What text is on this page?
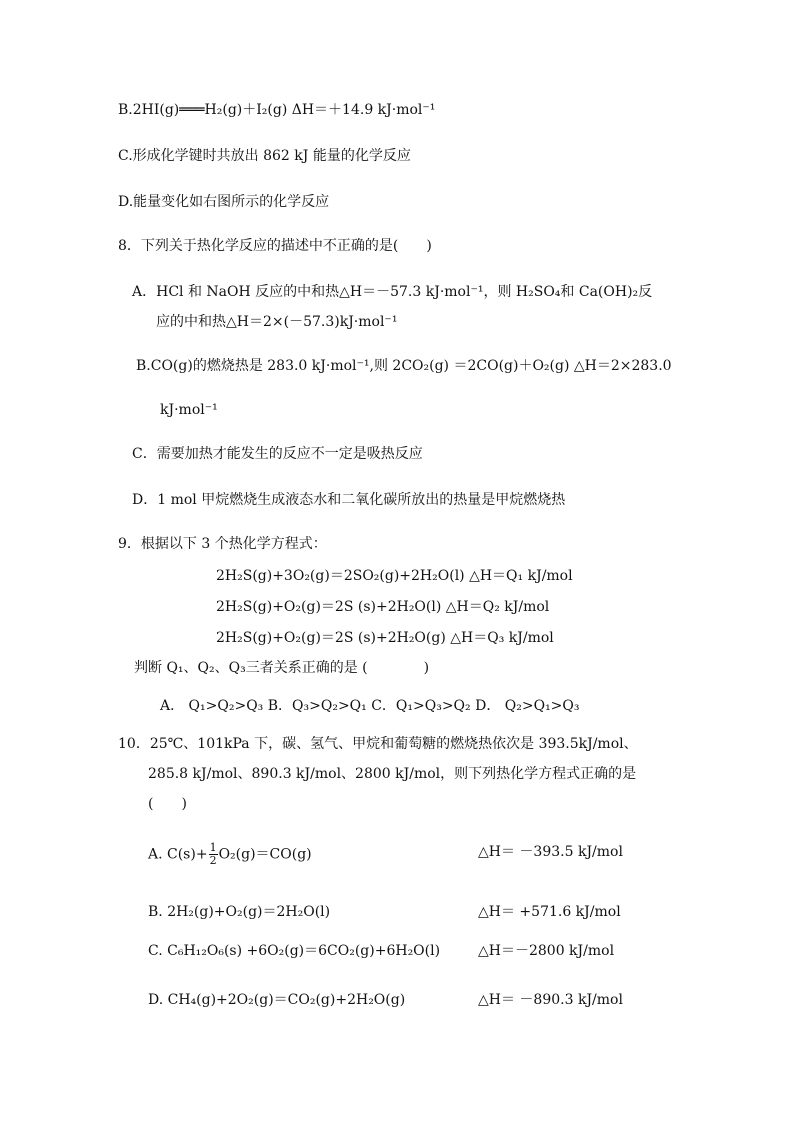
B.2HI(g)═══H₂(g)＋I₂(g) ΔH＝＋14.9 kJ·mol⁻¹
C.形成化学键时共放出 862 kJ 能量的化学反应
D.能量变化如右图所示的化学反应
8．下列关于热化学反应的描述中不正确的是(　　)
A．HCl 和 NaOH 反应的中和热△H＝－57.3 kJ·mol⁻¹，则 H₂SO₄和 Ca(OH)₂反
应的中和热△H＝2×(－57.3)kJ·mol⁻¹
B.CO(g)的燃烧热是 283.0 kJ·mol⁻¹,则 2CO₂(g) ＝2CO(g)＋O₂(g) △H＝2×283.0
kJ·mol⁻¹
C．需要加热才能发生的反应不一定是吸热反应
D．1 mol 甲烷燃烧生成液态水和二氧化碳所放出的热量是甲烷燃烧热
9．根据以下 3 个热化学方程式：
2H₂S(g)+3O₂(g)＝2SO₂(g)+2H₂O(l) △H＝Q₁ kJ/mol
2H₂S(g)+O₂(g)＝2S (s)+2H₂O(l) △H＝Q₂ kJ/mol
2H₂S(g)+O₂(g)＝2S (s)+2H₂O(g) △H＝Q₃ kJ/mol
判断 Q₁、Q₂、Q₃三者关系正确的是 (　　　　)
A． Q₁>Q₂>Q₃ B．Q₃>Q₂>Q₁ C．Q₁>Q₃>Q₂ D． Q₂>Q₁>Q₃
10．25℃、101kPa 下，碳、氢气、甲烷和葡萄糖的燃烧热依次是 393.5kJ/mol、
285.8 kJ/mol、890.3 kJ/mol、2800 kJ/mol，则下列热化学方程式正确的是
(　　)
A. $C(s)+ \frac{1}{2} O_2(g)=CO(g)$	△H＝ －393.5 kJ/mol
B. 2H₂(g)+O₂(g)＝2H₂O(l)	△H＝ +571.6 kJ/mol
C. C₆H₁₂O₆(s) +6O₂(g)＝6CO₂(g)+6H₂O(l)	△H＝－2800 kJ/mol
D. CH₄(g)+2O₂(g)＝CO₂(g)+2H₂O(g)	△H＝ －890.3 kJ/mol
